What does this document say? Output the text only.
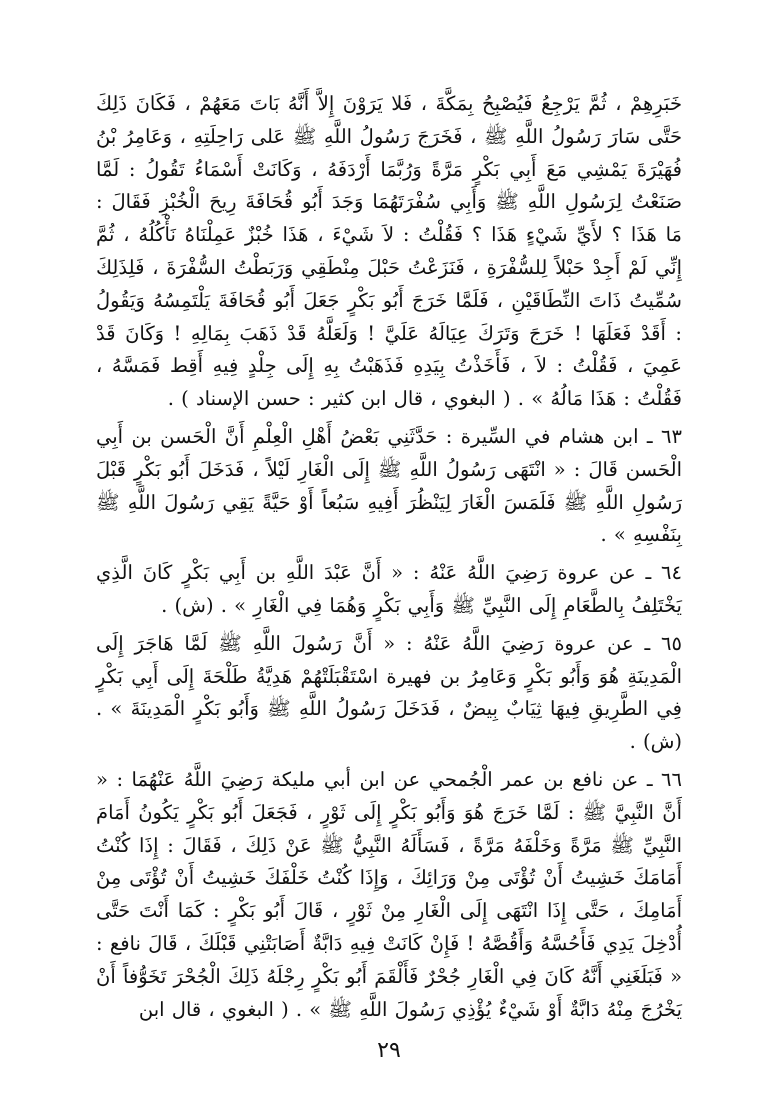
خَبَرِهِمْ ، ثُمَّ يَرْجِعُ فَيُصْبِحُ بِمَكَّةَ ، فَلا يَرَوْنَ إِلاَّ أَنَّهُ بَاتَ مَعَهُمْ ، فَكَانَ ذَلِكَ حَتَّى سَارَ رَسُولُ اللَّهِ ﷺ ، فَخَرَجَ رَسُولُ اللَّهِ ﷺ عَلى رَاحِلَتِهِ ، وَعَامِرُ بْنُ فُهَيْرَةَ يَمْشِي مَعَ أَبِي بَكْرٍ مَرَّةً وَرُبَّمَا أَرْدَفَهُ ، وَكَانَتْ أَسْمَاءُ تَقُولُ : لَمَّا صَنَعْتُ لِرَسُولِ اللَّهِ ﷺ وَأَبِي سُفْرَتَهُمَا وَجَدَ أَبُو قُحَافَةَ رِيحَ الْخُبْزِ فَقَالَ : مَا هَذَا ؟ لأَيِّ شَيْءٍ هَذَا ؟ فَقُلْتُ : لاَ شَيْءَ ، هَذَا خُبْزٌ عَمِلْنَاهُ نَأْكُلُهُ ، ثُمَّ إِنِّي لَمْ أَجِدْ حَبْلاً لِلسُّفْرَةِ ، فَنَزَعْتُ حَبْلَ مِنْطَقِي وَرَبَطْتُ السُّفْرَةَ ، فَلِذَلِكَ سُمِّيتُ ذَاتَ النِّطَاقَيْنِ ، فَلَمَّا خَرَجَ أَبُو بَكْرٍ جَعَلَ أَبُو قُحَافَةَ يَلْتَمِسُهُ وَيَقُولُ : أَقَدْ فَعَلَهَا ! خَرَجَ وَتَرَكَ عِيَالَهُ عَلَيَّ ! وَلَعَلَّهُ قَدْ ذَهَبَ بِمَالِهِ ! وَكَانَ قَدْ عَمِيَ ، فَقُلْتُ : لاَ ، فَأَخَذْتُ بِيَدِهِ فَذَهَبْتُ بِهِ إِلَى جِلْدٍ فِيهِ أَقِط فَمَسَّهُ ، فَقُلْتُ : هَذَا مَالُهُ » . ( البغوي ، قال ابن كثير : حسن الإسناد ) .

٦٣ ـ ابن هشام في السِّيرة : حَدَّثَنِي بَعْضُ أَهْلِ الْعِلْمِ أَنَّ الْحَسن بن أَبِي الْحَسن قَالَ : « انْتَهَى رَسُولُ اللَّهِ ﷺ إِلَى الْغَارِ لَيْلاً ، فَدَخَلَ أَبُو بَكْرٍ قَبْلَ رَسُولِ اللَّهِ ﷺ فَلَمَسَ الْغَارَ لِيَنْظُرَ أَفِيهِ سَبُعاً أَوْ حَيَّةً يَقِي رَسُولَ اللَّهِ ﷺ بِنَفْسِهِ » .

٦٤ ـ عن عروة رَضِيَ اللَّهُ عَنْهُ : « أَنَّ عَبْدَ اللَّهِ بن أَبِي بَكْرٍ كَانَ الَّذِي يَخْتَلِفُ بِالطَّعَامِ إِلَى النَّبِيِّ ﷺ وَأَبِي بَكْرٍ وَهُمَا فِي الْغَارِ » . (ش) .

٦٥ ـ عن عروة رَضِيَ اللَّهُ عَنْهُ : « أَنَّ رَسُولَ اللَّهِ ﷺ لَمَّا هَاجَرَ إِلَى الْمَدِينَةِ هُوَ وَأَبُو بَكْرٍ وَعَامِرُ بن فهيرة اسْتَقْبَلَتْهُمْ هَدِيَّةُ طَلْحَةَ إِلَى أَبِي بَكْرٍ فِي الطَّرِيقِ فِيهَا ثِيَابٌ بِيضٌ ، فَدَخَلَ رَسُولُ اللَّهِ ﷺ وَأَبُو بَكْرٍ الْمَدِينَةَ » . (ش) .

٦٦ ـ عن نافع بن عمر الْجُمحي عن ابن أبي مليكة رَضِيَ اللَّهُ عَنْهُمَا : « أَنَّ النَّبِيَّ ﷺ : لَمَّا خَرَجَ هُوَ وَأَبُو بَكْرٍ إِلَى ثَوْرٍ ، فَجَعَلَ أَبُو بَكْرٍ يَكُونُ أَمَامَ النَّبِيِّ ﷺ مَرَّةً وَخَلْفَهُ مَرَّةً ، فَسَأَلَهُ النَّبِيُّ ﷺ عَنْ ذَلِكَ ، فَقَالَ : إِذَا كُنْتُ أَمَامَكَ خَشِيتُ أَنْ تُؤْتَى مِنْ وَرَائِكَ ، وَإِذَا كُنْتُ خَلْفَكَ خَشِيتُ أَنْ تُؤْتَى مِنْ أَمَامِكَ ، حَتَّى إِذَا انْتَهَى إِلَى الْغَارِ مِنْ ثَوْرٍ ، قَالَ أَبُو بَكْرٍ : كَمَا أَنْتَ حَتَّى أُدْخِلَ يَدِي فَأَحُسَّهُ وَأَقُصَّهُ ! فَإِنْ كَانَتْ فِيهِ دَابَّةٌ أَصَابَتْنِي قَبْلَكَ ، قَالَ نافع : « فَبَلَغَنِي أَنَّهُ كَانَ فِي الْغَارِ جُحْرٌ فَأَلْقَمَ أَبُو بَكْرٍ رِجْلَهُ ذَلِكَ الْجُحْرَ تَخَوُّفاً أَنْ يَخْرُجَ مِنْهُ دَابَّةٌ أَوْ شَيْءٌ يُؤْذِي رَسُولَ اللَّهِ ﷺ » . ( البغوي ، قال ابن

٢٩
